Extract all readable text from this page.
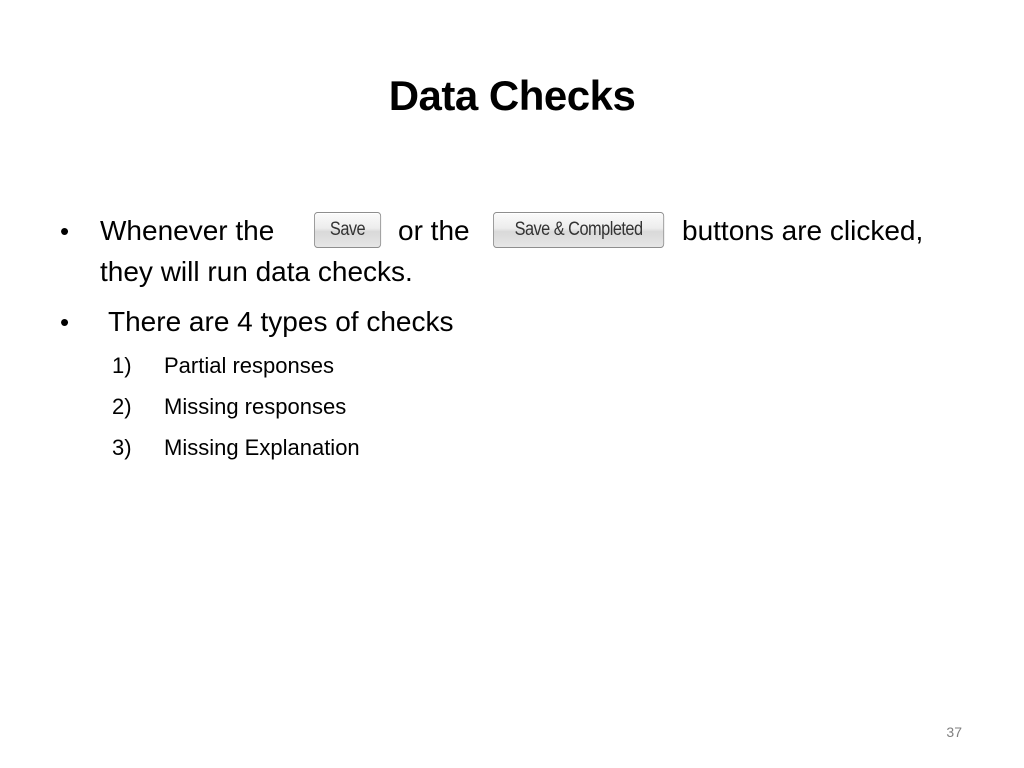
Data Checks
•	Whenever the	Save	or the	Save & Completed	buttons are clicked,
they will run data checks.
•	There are 4 types of checks
1) Partial responses
2) Missing responses
3) Missing Explanation
37
